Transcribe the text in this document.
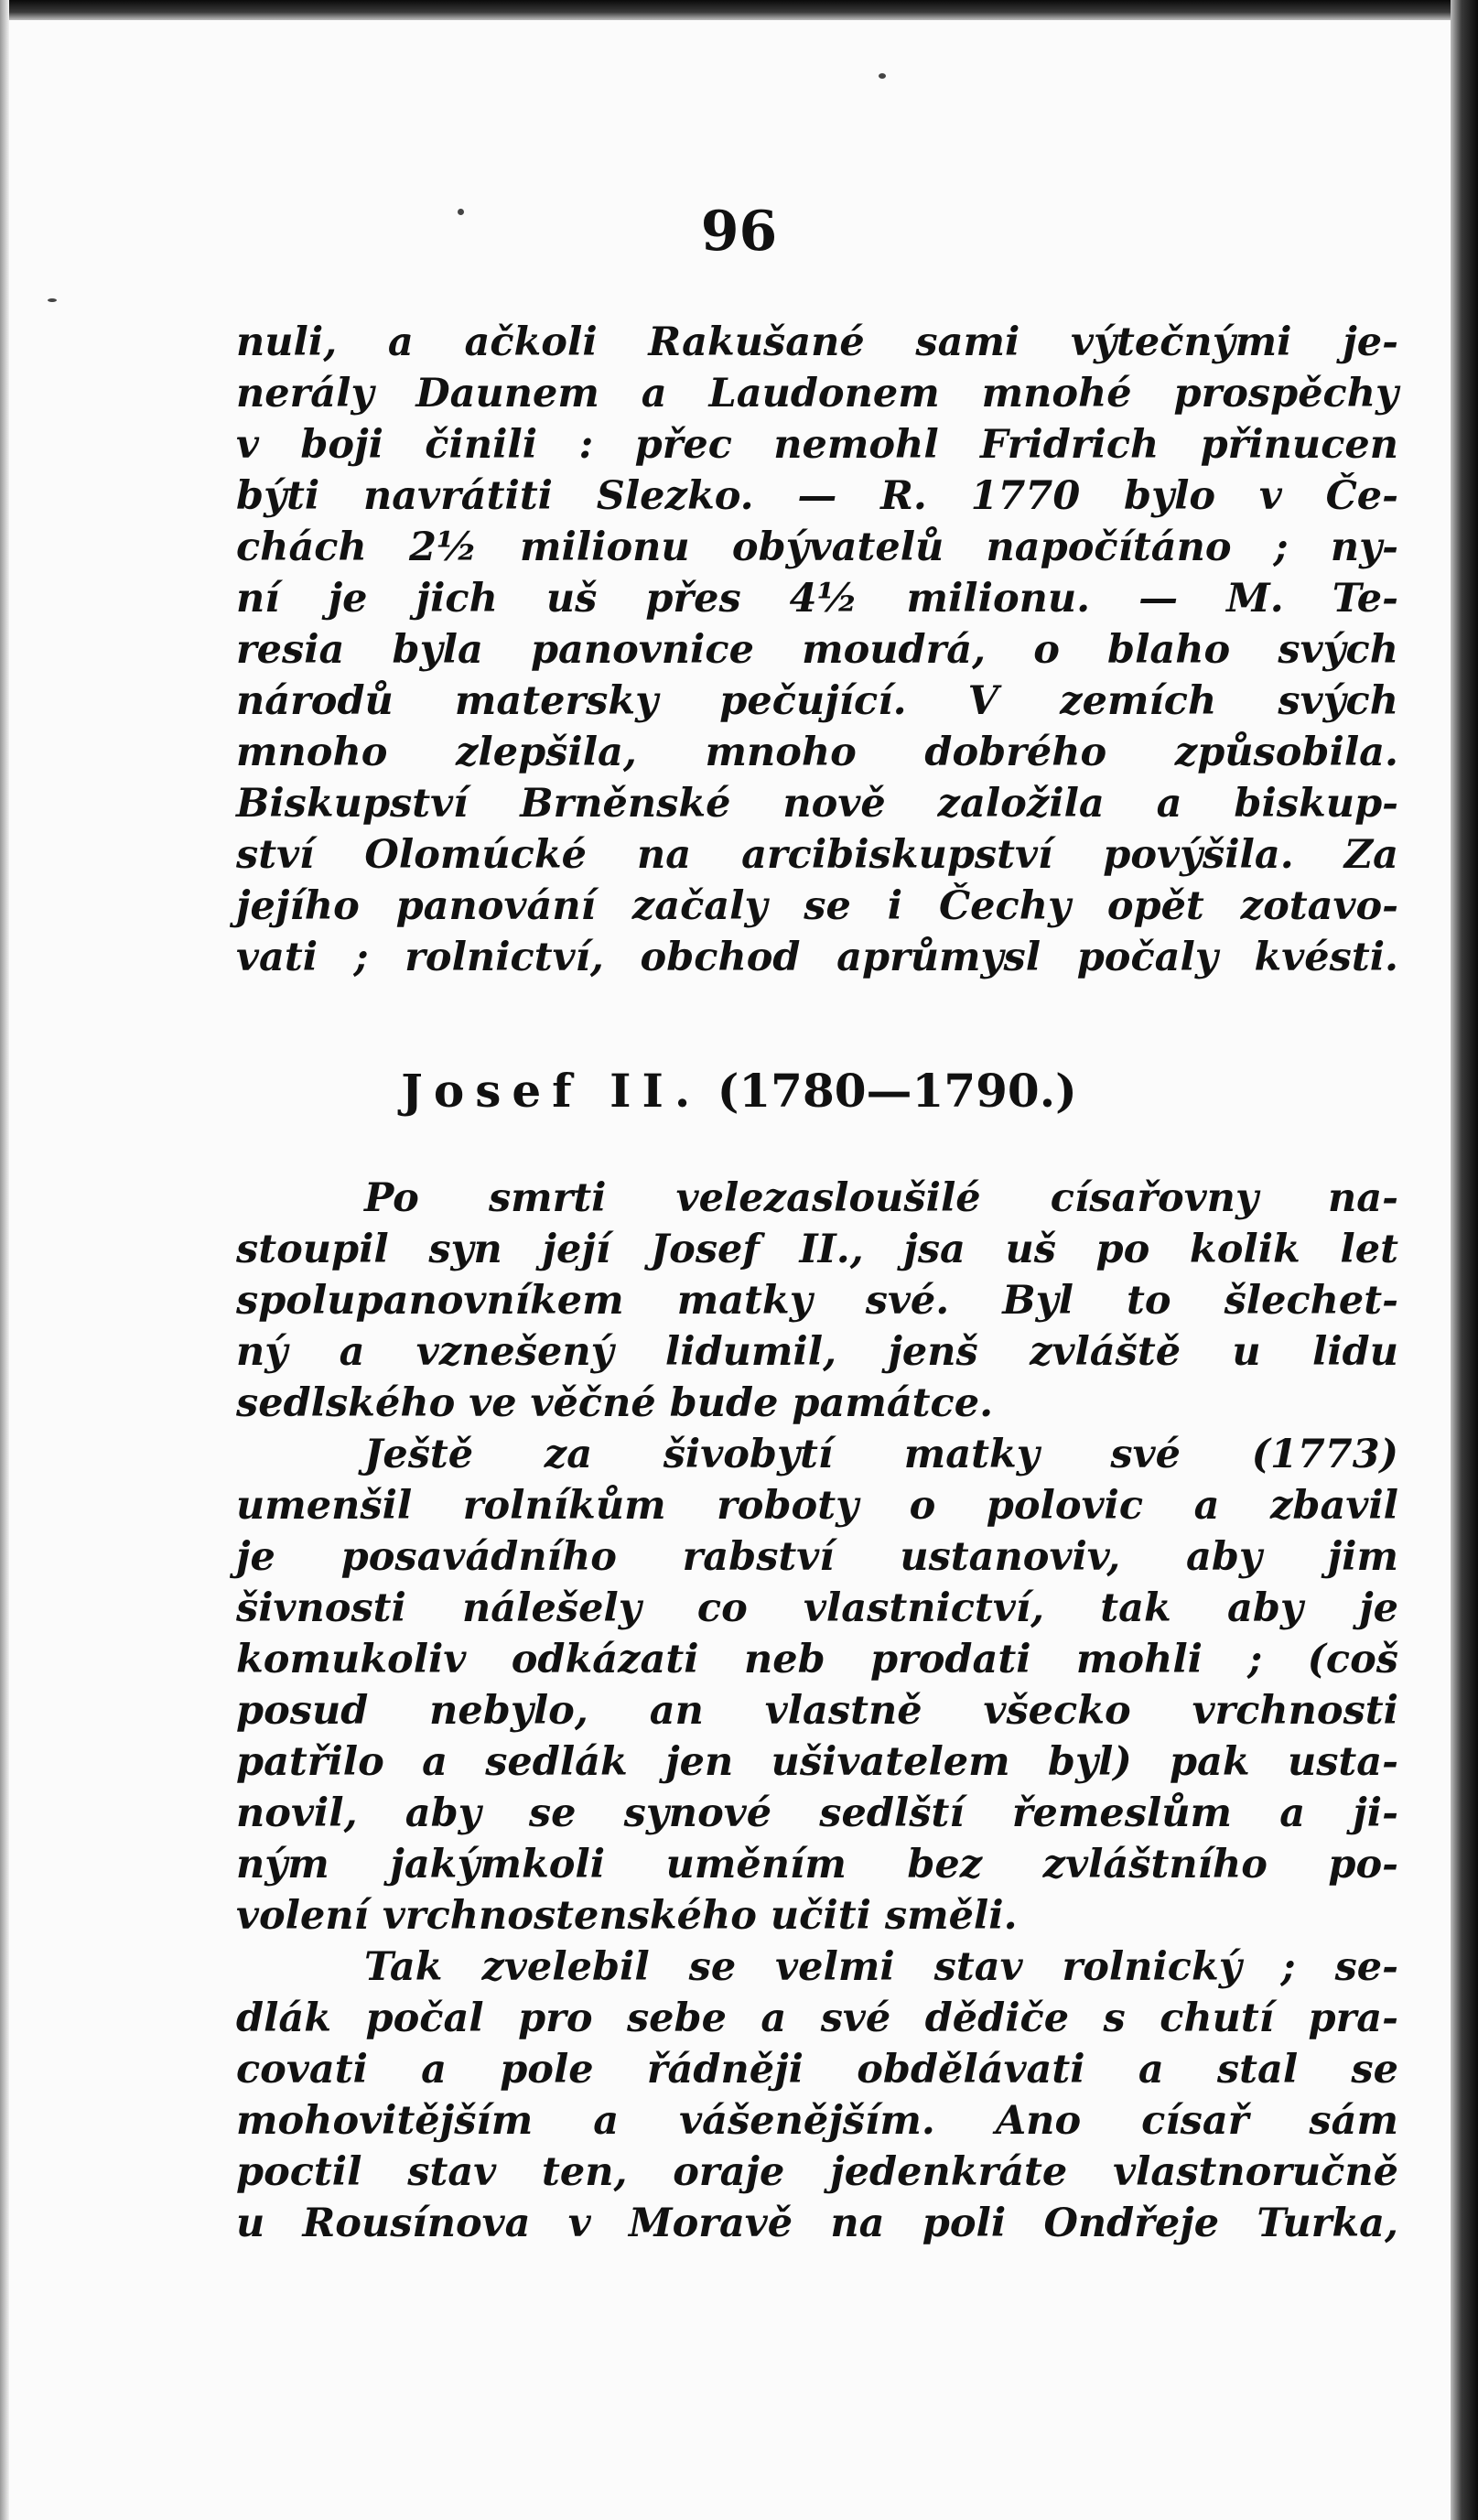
96
nuli, a ačkoli Rakušané sami výtečnými je-
nerály Daunem a Laudonem mnohé prospěchy
v boji činili : přec nemohl Fridrich přinucen
býti navrátiti Slezko. — R. 1770 bylo v Če-
chách 2½ milionu obývatelů napočítáno ; ny-
ní je jich uš přes 4½ milionu. — M. Te-
resia byla panovnice moudrá, o blaho svých
národů matersky pečující. V zemích svých
mnoho zlepšila, mnoho dobrého způsobila.
Biskupství Brněnské nově založila a biskup-
ství Olomúcké na arcibiskupství povýšila. Za
jejího panování začaly se i Čechy opět zotavo-
vati ; rolnictví, obchod aprůmysl počaly kvésti.
Josef II. (1780—1790.)
Po smrti velezasloušilé císařovny na-
stoupil syn její Josef II., jsa uš po kolik let
spolupanovníkem matky své. Byl to šlechet-
ný a vznešený lidumil, jenš zvláště u lidu
sedlského ve věčné bude památce.
Ještě za šivobytí matky své (1773)
umenšil rolníkům roboty o polovic a zbavil
je posavádního rabství ustanoviv, aby jim
šivnosti nálešely co vlastnictví, tak aby je
komukoliv odkázati neb prodati mohli ; (coš
posud nebylo, an vlastně všecko vrchnosti
patřilo a sedlák jen ušivatelem byl) pak usta-
novil, aby se synové sedlští řemeslům a ji-
ným jakýmkoli uměním bez zvláštního po-
volení vrchnostenského učiti směli.
Tak zvelebil se velmi stav rolnický ; se-
dlák počal pro sebe a své dědiče s chutí pra-
covati a pole řádněji obdělávati a stal se
mohovitějším a vášenějším. Ano císař sám
poctil stav ten, oraje jedenkráte vlastnoručně
u Rousínova v Moravě na poli Ondřeje Turka,
